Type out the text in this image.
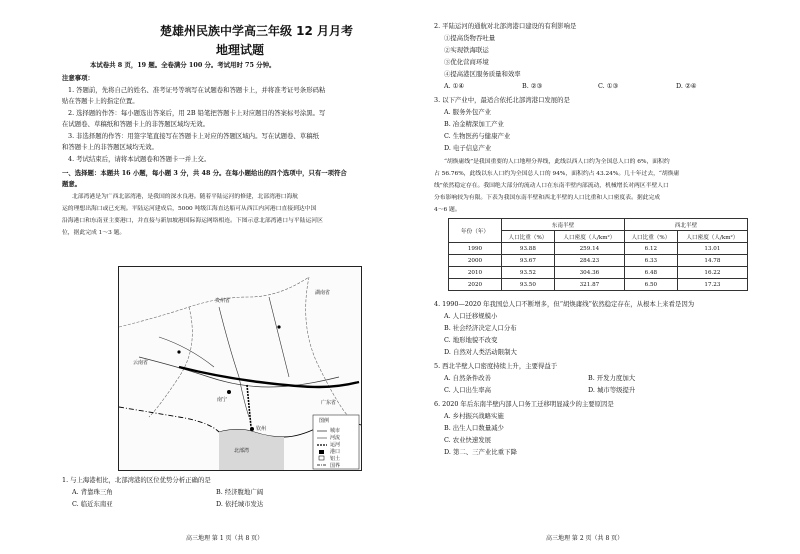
楚雄州民族中学高三年级 12 月月考
地理试题
本试卷共 8 页，19 题。全卷满分 100 分。考试用时 75 分钟。
注意事项：
1. 答题前，先将自己的姓名、准考证号等填写在试题卷和答题卡上，并将准考证号条形码粘
贴在答题卡上的指定位置。
2. 选择题的作答：每小题选出答案后，用 2B 铅笔把答题卡上对应题目的答案标号涂黑。写
在试题卷、草稿纸和答题卡上的非答题区域均无效。
3. 非选择题的作答：用签字笔直接写在答题卡上对应的答题区域内。写在试题卷、草稿纸
和答题卡上的非答题区域均无效。
4. 考试结束后，请将本试题卷和答题卡一并上交。
一、选择题：本题共 16 小题，每小题 3 分，共 48 分。在每小题给出的四个选项中，只有一项符合
题意。
北部湾港是为广西北部湾港，是我国的深水良港。随着平陆运河的修建，北部湾港口海航
运的理想出海口或已充现。平陆运河建成后，5000 吨级江海直达船可从西江内河港口直接到达中国
沿海港口和东南亚主要港口，并直接与新加坡港国际海运网络相连。下图示意北部湾港口与平陆运河区
位，据此完成 1～3 题。
云南省
贵州省
湖南省
广东省
南宁
钦州
北部湾
图例
城市
河流
运河
港口
铝土
国界
1. 与上海港相比，北部湾港的区位优势分析正确的是
A. 背靠珠三角	B. 经济腹地广阔
C. 临近东南亚	D. 依托城市发达
高三地理 第 1 页（共 8 页）
2. 平陆运河的通航对北部湾港口建设的有利影响是
①提高货物吞吐量
②实现铁海联运
③优化营商环境
④提高港区服务质量和效率
A. ①④	B. ②③	C. ①③	D. ②④
3. 以下产业中，最适合依托北部湾港口发展的是
A. 服务外包产业
B. 冶金精深加工产业
C. 生物医药与健康产业
D. 电子信息产业
“胡焕庸线”是我国重要的人口地理分界线，此线以西人口约为全国总人口的 6%，面积约
占 56.76%，此线以东人口约为全国总人口的 94%，面积约占 43.24%。几十年过去，“胡焕庸
线”依然稳定存在。我国绝大部分的流动人口在东南半壁内部流动，机械增长对两区半壁人口
分布影响较为有限。下表为我国东南半壁和西北半壁的人口比重和人口密度表。据此完成
4～6 题。
年份（年）	东南半壁		西北半壁	
	人口比重（%）	人口密度（人/km²）	人口比重（%）	人口密度（人/km²）
1990	93.88	259.14	6.12	13.01
2000	93.67	284.23	6.33	14.78
2010	93.52	304.36	6.48	16.22
2020	93.50	321.87	6.50	17.23
4. 1990—2020 年我国总人口不断增多，但“胡焕庸线”依然稳定存在，从根本上来看是因为
A. 人口迁移规模小
B. 社会经济决定人口分布
C. 地形地貌不改变
D. 自然对人类活动限制大
5. 西北半壁人口密度持续上升，主要得益于
A. 自然条件改善	B. 开发力度加大
C. 人口出生率高	D. 城市等级提升
6. 2020 年后东南半壁内部人口务工迁移明显减少的主要原因是
A. 乡村振兴战略实施
B. 出生人口数量减少
C. 农业快速发展
D. 第二、三产业比重下降
高三地理 第 2 页（共 8 页）
